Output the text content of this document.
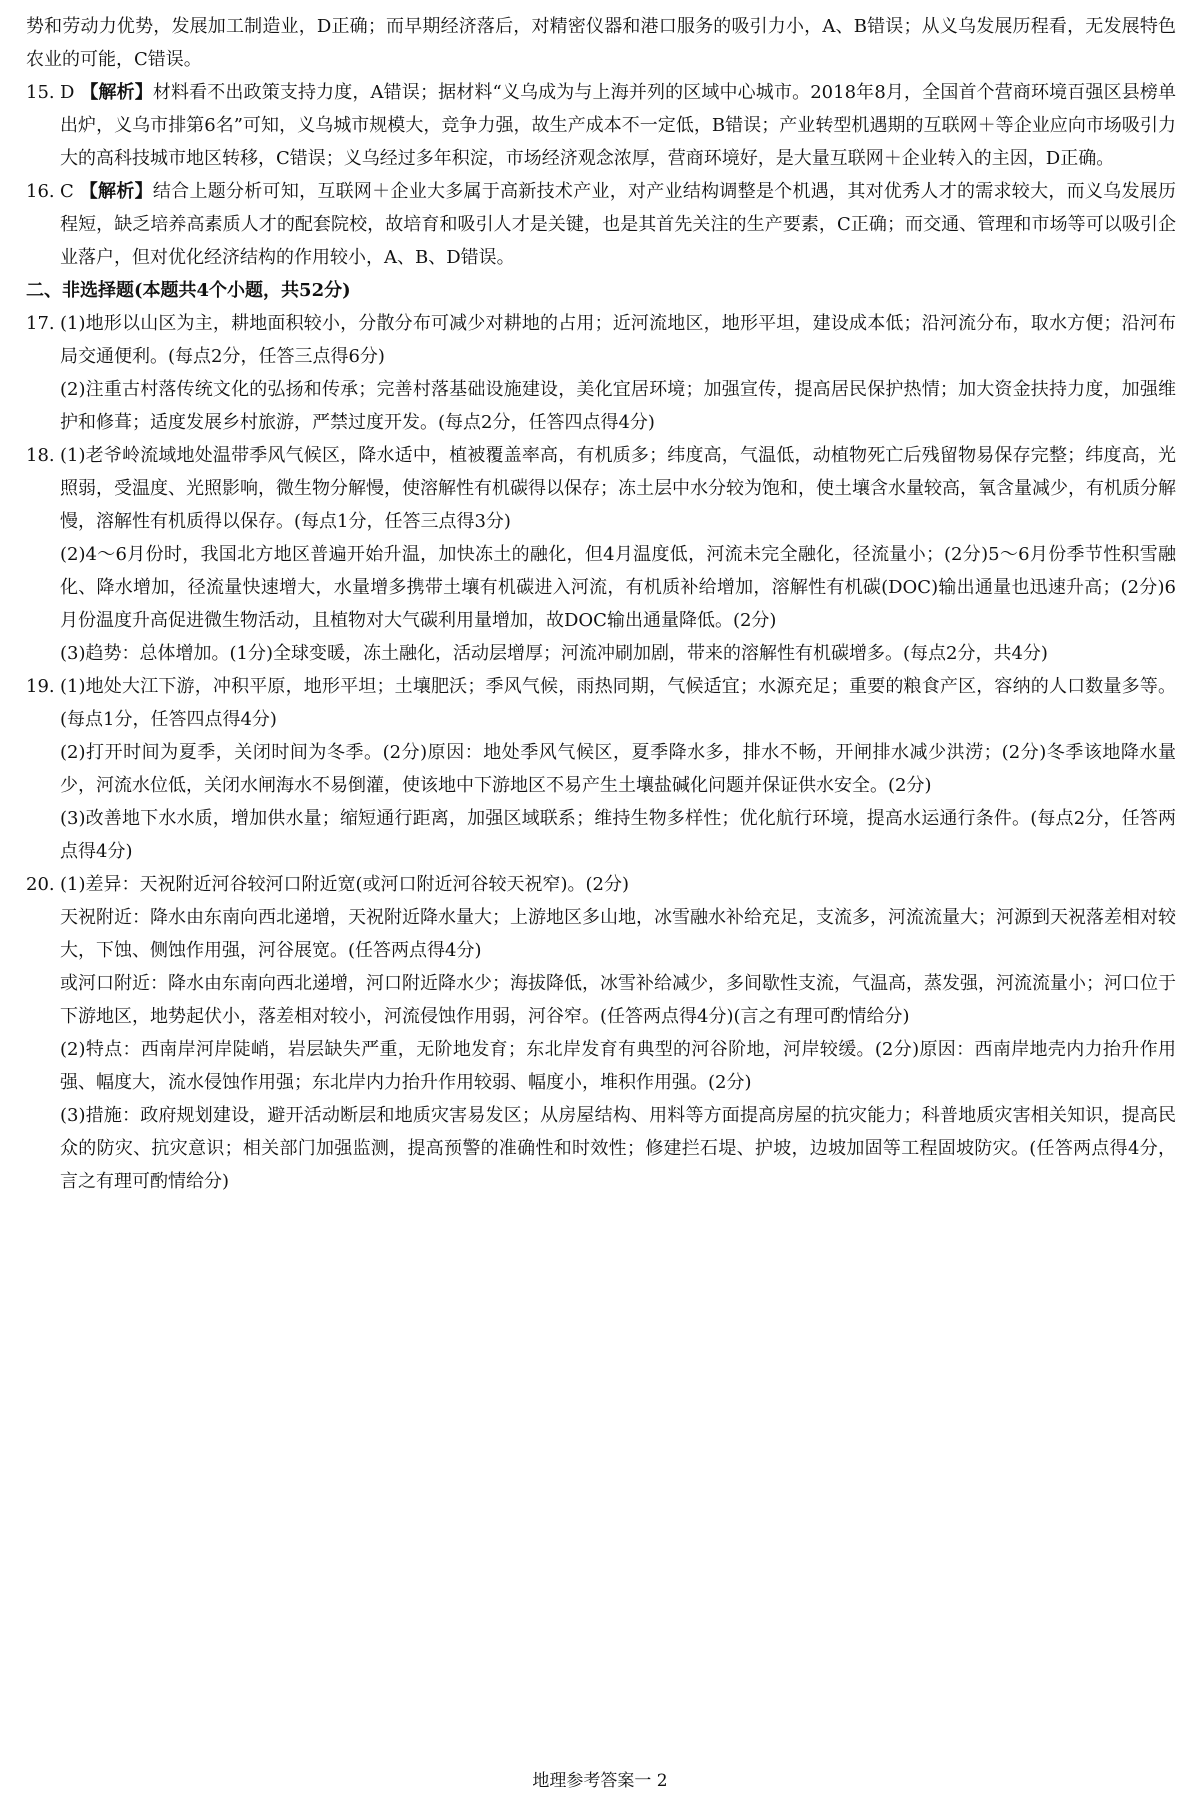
势和劳动力优势，发展加工制造业，D正确；而早期经济落后，对精密仪器和港口服务的吸引力小，A、B错误；从义乌发展历程看，无发展特色农业的可能，C错误。

15. D 【解析】材料看不出政策支持力度，A错误；据材料“义乌成为与上海并列的区域中心城市。2018年8月，全国首个营商环境百强区县榜单出炉，义乌市排第6名”可知，义乌城市规模大，竞争力强，故生产成本不一定低，B错误；产业转型机遇期的互联网＋等企业应向市场吸引力大的高科技城市地区转移，C错误；义乌经过多年积淀，市场经济观念浓厚，营商环境好，是大量互联网＋企业转入的主因，D正确。

16. C 【解析】结合上题分析可知，互联网＋企业大多属于高新技术产业，对产业结构调整是个机遇，其对优秀人才的需求较大，而义乌发展历程短，缺乏培养高素质人才的配套院校，故培育和吸引人才是关键，也是其首先关注的生产要素，C正确；而交通、管理和市场等可以吸引企业落户，但对优化经济结构的作用较小，A、B、D错误。

二、非选择题(本题共4个小题，共52分)

17. (1)地形以山区为主，耕地面积较小，分散分布可减少对耕地的占用；近河流地区，地形平坦，建设成本低；沿河流分布，取水方便；沿河布局交通便利。(每点2分，任答三点得6分)

(2)注重古村落传统文化的弘扬和传承；完善村落基础设施建设，美化宜居环境；加强宣传，提高居民保护热情；加大资金扶持力度，加强维护和修葺；适度发展乡村旅游，严禁过度开发。(每点2分，任答四点得4分)

18. (1)老爷岭流域地处温带季风气候区，降水适中，植被覆盖率高，有机质多；纬度高，气温低，动植物死亡后残留物易保存完整；纬度高，光照弱，受温度、光照影响，微生物分解慢，使溶解性有机碳得以保存；冻土层中水分较为饱和，使土壤含水量较高，氧含量减少，有机质分解慢，溶解性有机质得以保存。(每点1分，任答三点得3分)

(2)4～6月份时，我国北方地区普遍开始升温，加快冻土的融化，但4月温度低，河流未完全融化，径流量小；(2分)5～6月份季节性积雪融化、降水增加，径流量快速增大，水量增多携带土壤有机碳进入河流，有机质补给增加，溶解性有机碳(DOC)输出通量也迅速升高；(2分)6月份温度升高促进微生物活动，且植物对大气碳利用量增加，故DOC输出通量降低。(2分)

(3)趋势：总体增加。(1分)全球变暖，冻土融化，活动层增厚；河流冲刷加剧，带来的溶解性有机碳增多。(每点2分，共4分)

19. (1)地处大江下游，冲积平原，地形平坦；土壤肥沃；季风气候，雨热同期，气候适宜；水源充足；重要的粮食产区，容纳的人口数量多等。(每点1分，任答四点得4分)

(2)打开时间为夏季，关闭时间为冬季。(2分)原因：地处季风气候区，夏季降水多，排水不畅，开闸排水减少洪涝；(2分)冬季该地降水量少，河流水位低，关闭水闸海水不易倒灌，使该地中下游地区不易产生土壤盐碱化问题并保证供水安全。(2分)

(3)改善地下水水质，增加供水量；缩短通行距离，加强区域联系；维持生物多样性；优化航行环境，提高水运通行条件。(每点2分，任答两点得4分)

20. (1)差异：天祝附近河谷较河口附近宽(或河口附近河谷较天祝窄)。(2分)

天祝附近：降水由东南向西北递增，天祝附近降水量大；上游地区多山地，冰雪融水补给充足，支流多，河流流量大；河源到天祝落差相对较大，下蚀、侧蚀作用强，河谷展宽。(任答两点得4分)

或河口附近：降水由东南向西北递增，河口附近降水少；海拔降低，冰雪补给减少，多间歇性支流，气温高，蒸发强，河流流量小；河口位于下游地区，地势起伏小，落差相对较小，河流侵蚀作用弱，河谷窄。(任答两点得4分)(言之有理可酌情给分)

(2)特点：西南岸河岸陡峭，岩层缺失严重，无阶地发育；东北岸发育有典型的河谷阶地，河岸较缓。(2分)原因：西南岸地壳内力抬升作用强、幅度大，流水侵蚀作用强；东北岸内力抬升作用较弱、幅度小，堆积作用强。(2分)

(3)措施：政府规划建设，避开活动断层和地质灾害易发区；从房屋结构、用料等方面提高房屋的抗灾能力；科普地质灾害相关知识，提高民众的防灾、抗灾意识；相关部门加强监测，提高预警的准确性和时效性；修建拦石堤、护坡，边坡加固等工程固坡防灾。(任答两点得4分，言之有理可酌情给分)

地理参考答案一 2
